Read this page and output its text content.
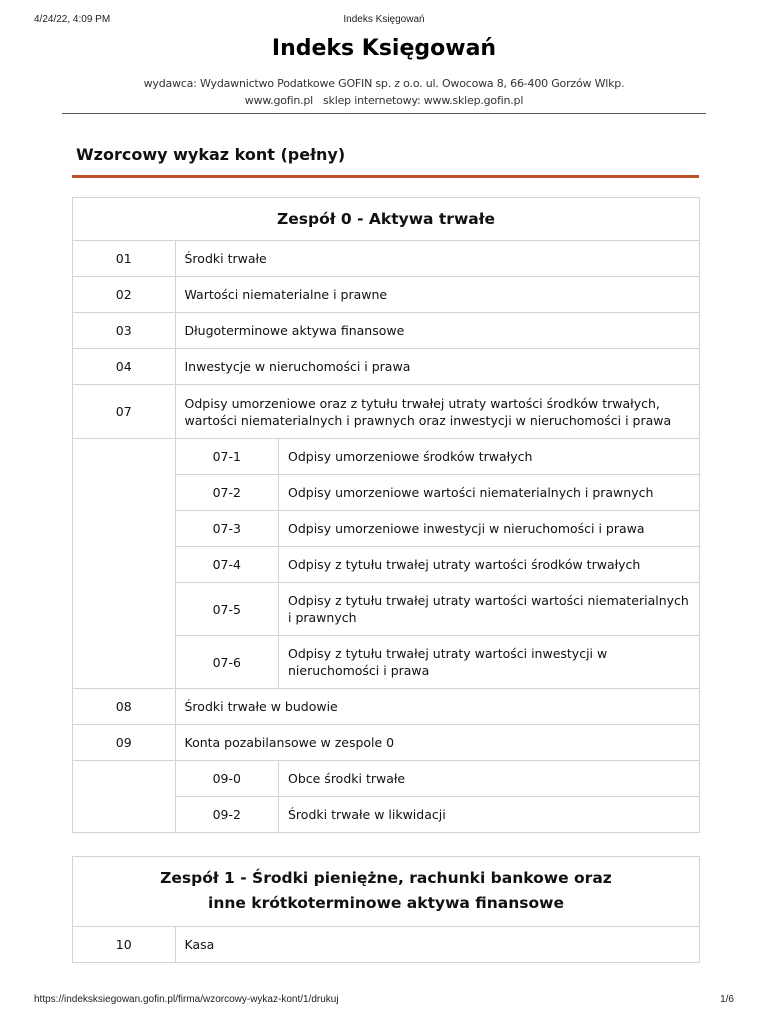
4/24/22, 4:09 PM	Indeks Księgowań
Indeks Księgowań
wydawca: Wydawnictwo Podatkowe GOFIN sp. z o.o. ul. Owocowa 8, 66-400 Gorzów Wlkp.
www.gofin.pl sklep internetowy: www.sklep.gofin.pl
Wzorcowy wykaz kont (pełny)
Zespół 0 - Aktywa trwałe
01	Środki trwałe
02	Wartości niematerialne i prawne
03	Długoterminowe aktywa finansowe
04	Inwestycje w nieruchomości i prawa
07	Odpisy umorzeniowe oraz z tytułu trwałej utraty wartości środków trwałych, wartości niematerialnych i prawnych oraz inwestycji w nieruchomości i prawa

07-1	Odpisy umorzeniowe środków trwałych
07-2	Odpisy umorzeniowe wartości niematerialnych i prawnych
07-3	Odpisy umorzeniowe inwestycji w nieruchomości i prawa
07-4	Odpisy z tytułu trwałej utraty wartości środków trwałych
07-5	Odpisy z tytułu trwałej utraty wartości wartości niematerialnych i prawnych
07-6	Odpisy z tytułu trwałej utraty wartości inwestycji w nieruchomości i prawa

08	Środki trwałe w budowie
09	Konta pozabilansowe w zespole 0

09-0	Obce środki trwałe
09-2	Środki trwałe w likwidacji
Zespół 1 - Środki pieniężne, rachunki bankowe oraz inne krótkoterminowe aktywa finansowe
10	Kasa
https://indeksksiegowan.gofin.pl/firma/wzorcowy-wykaz-kont/1/drukuj	1/6
